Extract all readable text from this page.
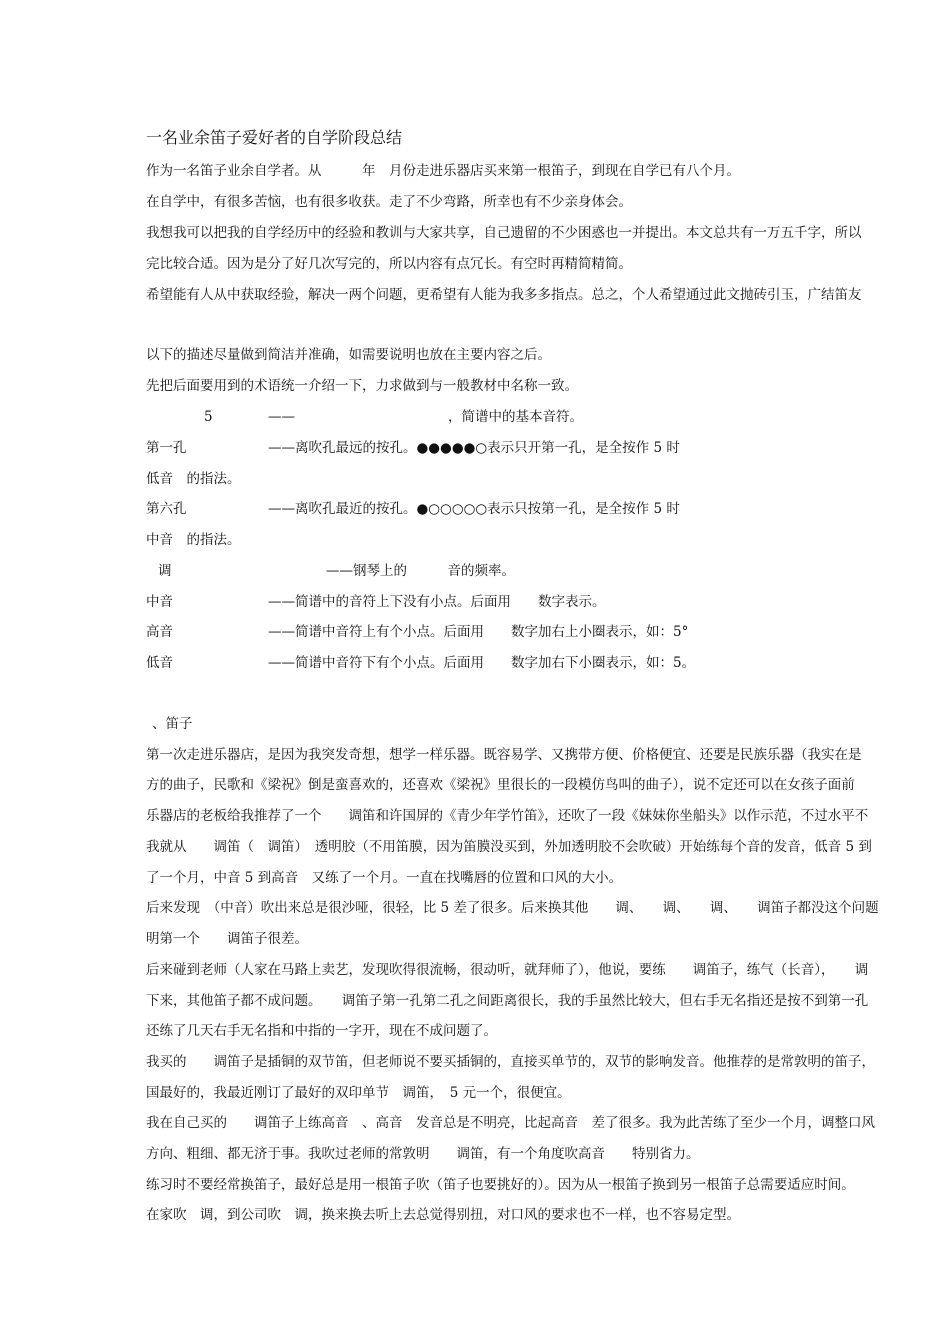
一名业余笛子爱好者的自学阶段总结
作为一名笛子业余自学者。从　　　年　月份走进乐器店买来第一根笛子，到现在自学已有八个月。
在自学中，有很多苦恼，也有很多收获。走了不少弯路，所幸也有不少亲身体会。
我想我可以把我的自学经历中的经验和教训与大家共享，自己遗留的不少困惑也一并提出。本文总共有一万五千字，所以
完比较合适。因为是分了好几次写完的，所以内容有点冗长。有空时再精简精简。
希望能有人从中获取经验，解决一两个问题，更希望有人能为我多多指点。总之，个人希望通过此文抛砖引玉，广结笛友
以下的描述尽量做到简洁并准确，如需要说明也放在主要内容之后。
先把后面要用到的术语统一介绍一下，力求做到与一般教材中名称一致。
5	——	，简谱中的基本音符。
第一孔	——离吹孔最远的按孔。●●●●●○表示只开第一孔，是全按作 5 时
低音　的指法。
第六孔	——离吹孔最近的按孔。●○○○○○表示只按第一孔，是全按作 5 时
中音　的指法。
调	——钢琴上的　　　音的频率。
中音	——简谱中的音符上下没有小点。后面用　　数字表示。
高音	——简谱中音符上有个小点。后面用　　数字加右上小圈表示，如：5°
低音	——简谱中音符下有个小点。后面用　　数字加右下小圈表示，如：5。
、笛子
第一次走进乐器店，是因为我突发奇想，想学一样乐器。既容易学、又携带方便、价格便宜、还要是民族乐器（我实在是
方的曲子，民歌和《梁祝》倒是蛮喜欢的，还喜欢《梁祝》里很长的一段模仿鸟叫的曲子），说不定还可以在女孩子面前
乐器店的老板给我推荐了一个　　调笛和许国屏的《青少年学竹笛》，还吹了一段《妹妹你坐船头》以作示范，不过水平不
我就从　　调笛（　调笛）　透明胶（不用笛膜，因为笛膜没买到，外加透明胶不会吹破）开始练每个音的发音，低音 5 到
了一个月，中音 5 到高音　又练了一个月。一直在找嘴唇的位置和口风的大小。
后来发现　（中音）吹出来总是很沙哑，很轻，比 5 差了很多。后来换其他　　调、　　调、　　调、　　调笛子都没这个问题
明第一个　　调笛子很差。
后来碰到老师（人家在马路上卖艺，发现吹得很流畅，很动听，就拜师了），他说，要练　　调笛子，练气（长音），　　调
下来，其他笛子都不成问题。　　调笛子第一孔第二孔之间距离很长，我的手虽然比较大，但右手无名指还是按不到第一孔
还练了几天右手无名指和中指的一字开，现在不成问题了。
我买的　　调笛子是插铜的双节笛，但老师说不要买插铜的，直接买单节的，双节的影响发音。他推荐的是常敦明的笛子，
国最好的，我最近刚订了最好的双印单节　调笛，　5 元一个，很便宜。
我在自己买的　　调笛子上练高音　、高音　发音总是不明亮，比起高音　差了很多。我为此苦练了至少一个月，调整口风
方向、粗细、都无济于事。我吹过老师的常敦明　　调笛，有一个角度吹高音　　特别省力。
练习时不要经常换笛子，最好总是用一根笛子吹（笛子也要挑好的）。因为从一根笛子换到另一根笛子总需要适应时间。
在家吹　调，到公司吹　调，换来换去听上去总觉得别扭，对口风的要求也不一样，也不容易定型。
